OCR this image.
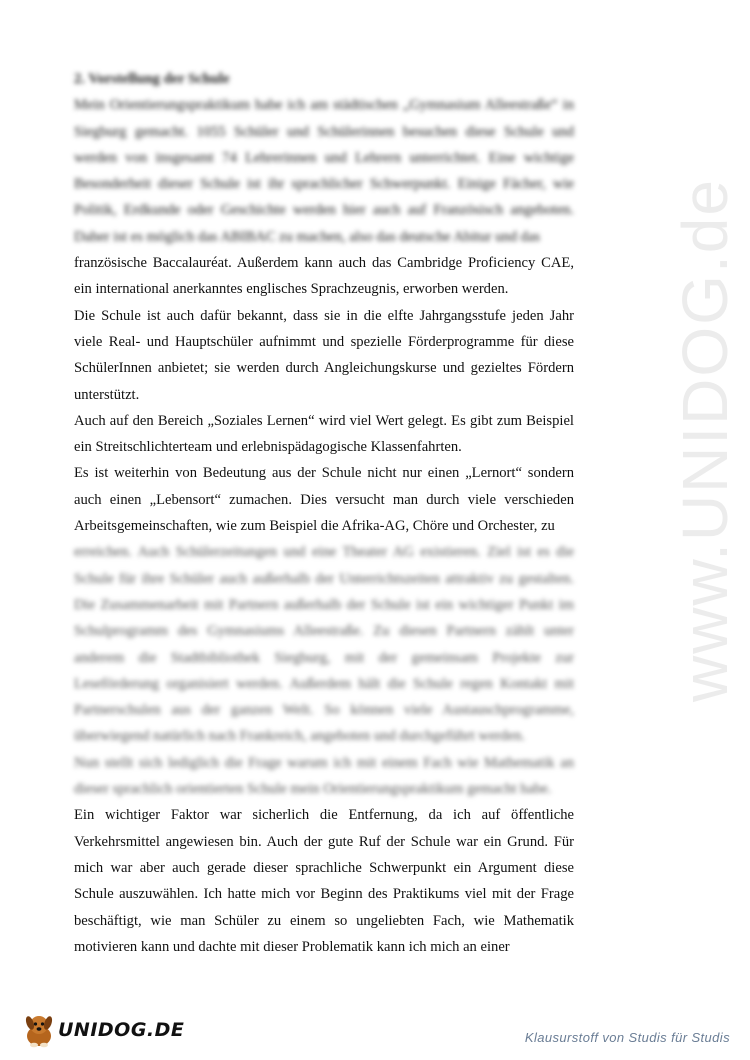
www.UNIDOG.de

2. Vorstellung der Schule

Mein Orientierungspraktikum habe ich am städtischen „Gymnasium Alleestraße“ in Siegburg gemacht. 1055 Schüler und Schülerinnen besuchen diese Schule und werden von insgesamt 74 Lehrerinnen und Lehrern unterrichtet. Eine wichtige Besonderheit dieser Schule ist ihr sprachlicher Schwerpunkt. Einige Fächer, wie Politik, Erdkunde oder Geschichte werden hier auch auf Französisch angeboten. Daher ist es möglich das ABIBAC zu machen, also das deutsche Abitur und das

französische Baccalauréat. Außerdem kann auch das Cambridge Proficiency CAE, ein international anerkanntes englisches Sprachzeugnis, erworben werden.

Die Schule ist auch dafür bekannt, dass sie in die elfte Jahrgangsstufe jeden Jahr viele Real- und Hauptschüler aufnimmt und spezielle Förderprogramme für diese SchülerInnen anbietet; sie werden durch Angleichungskurse und gezieltes Fördern unterstützt.

Auch auf den Bereich „Soziales Lernen“ wird viel Wert gelegt. Es gibt zum Beispiel ein Streitschlichterteam und erlebnispädagogische Klassenfahrten.

Es ist weiterhin von Bedeutung aus der Schule nicht nur einen „Lernort“ sondern auch einen „Lebensort“ zumachen. Dies versucht man durch viele verschieden Arbeitsgemeinschaften, wie zum Beispiel die Afrika-AG, Chöre und Orchester, zu

erreichen. Auch Schülerzeitungen und eine Theater AG existieren. Ziel ist es die Schule für ihre Schüler auch außerhalb der Unterrichtszeiten attraktiv zu gestalten. Die Zusammenarbeit mit Partnern außerhalb der Schule ist ein wichtiger Punkt im Schulprogramm des Gymnasiums Alleestraße. Zu diesen Partnern zählt unter anderem die Stadtbibliothek Siegburg, mit der gemeinsam Projekte zur Leseförderung organisiert werden. Außerdem hält die Schule regen Kontakt mit Partnerschulen aus der ganzen Welt. So können viele Austauschprogramme, überwiegend natürlich nach Frankreich, angeboten und durchgeführt werden.

Nun stellt sich lediglich die Frage warum ich mit einem Fach wie Mathematik an dieser sprachlich orientierten Schule mein Orientierungspraktikum gemacht habe.

Ein wichtiger Faktor war sicherlich die Entfernung, da ich auf öffentliche Verkehrsmittel angewiesen bin. Auch der gute Ruf der Schule war ein Grund. Für mich war aber auch gerade dieser sprachliche Schwerpunkt ein Argument diese Schule auszuwählen. Ich hatte mich vor Beginn des Praktikums viel mit der Frage beschäftigt, wie man Schüler zu einem so ungeliebten Fach, wie Mathematik motivieren kann und dachte mit dieser Problematik kann ich mich an einer

UNIDOG.DE	Klausurstoff von Studis für Studis
